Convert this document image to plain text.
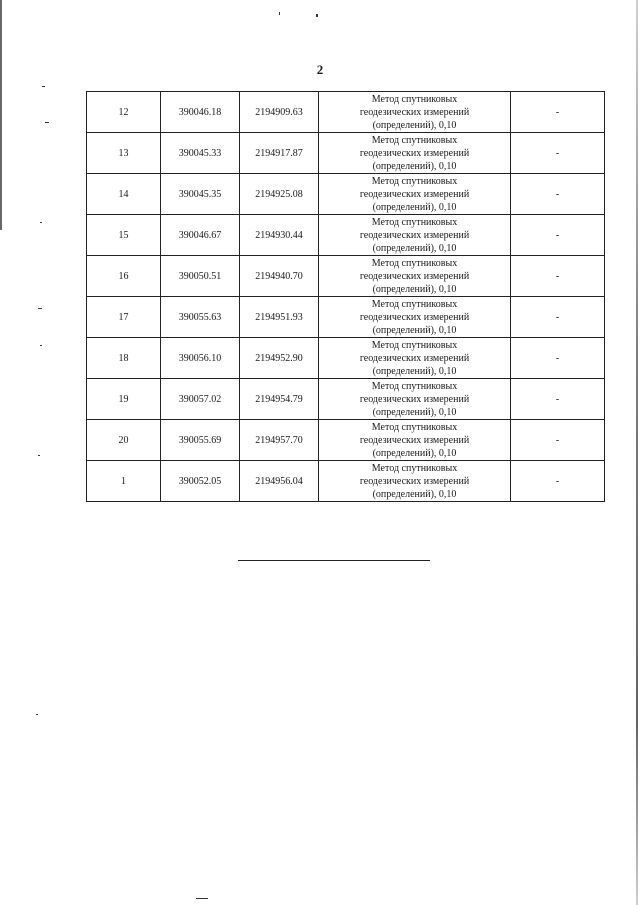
2
12	390046.18	2194909.63	Метод спутниковых
геодезических измерений
(определений), 0,10	-
13	390045.33	2194917.87	Метод спутниковых
геодезических измерений
(определений), 0,10	-
14	390045.35	2194925.08	Метод спутниковых
геодезических измерений
(определений), 0,10	-
15	390046.67	2194930.44	Метод спутниковых
геодезических измерений
(определений), 0,10	-
16	390050.51	2194940.70	Метод спутниковых
геодезических измерений
(определений), 0,10	-
17	390055.63	2194951.93	Метод спутниковых
геодезических измерений
(определений), 0,10	-
18	390056.10	2194952.90	Метод спутниковых
геодезических измерений
(определений), 0,10	-
19	390057.02	2194954.79	Метод спутниковых
геодезических измерений
(определений), 0,10	-
20	390055.69	2194957.70	Метод спутниковых
геодезических измерений
(определений), 0,10	-
1	390052.05	2194956.04	Метод спутниковых
геодезических измерений
(определений), 0,10	-
